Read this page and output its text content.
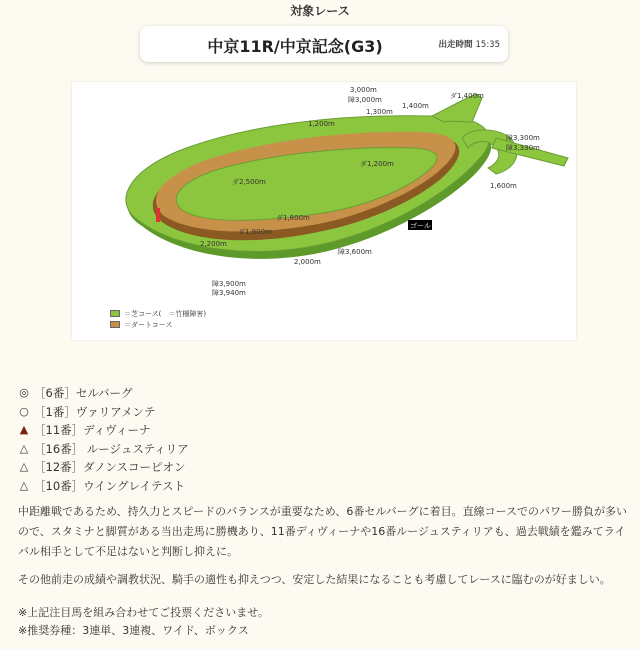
対象レース
中京11R/中京記念(G3)	出走時間 15:35
ゴール
ダ1,400m
1,400m
3,000m
障3,000m
1,300m
1,200m
ダ1,200m
障3,300m
障3,330m
1,600m
ダ2,500m
ダ1,800m
ダ1,900m
2,200m
2,000m
障3,600m
障3,900m
障3,940m
＝芝コース(　＝竹柵障害)
＝ダートコース
◎ ［6番］セルバーグ
○ ［1番］ヴァリアメンテ
▲ ［11番］ディヴィーナ
△ ［16番］ ルージュスティリア
△ ［12番］ダノンスコーピオン
△ ［10番］ウイングレイテスト
中距離戦であるため、持久力とスピードのバランスが重要なため、6番セルバーグに着目。直線コースでのパワー勝負が多いので、スタミナと脚質がある当出走馬に勝機あり、11番ディヴィーナや16番ルージュスティリアも、過去戦績を鑑みてライバル相手として不足はないと判断し抑えに。
その他前走の成績や調教状況、騎手の適性も抑えつつ、安定した結果になることも考慮してレースに臨むのが好ましい。
※上記注目馬を組み合わせてご投票くださいませ。
※推奨券種：3連単、3連複、ワイド、ボックス
